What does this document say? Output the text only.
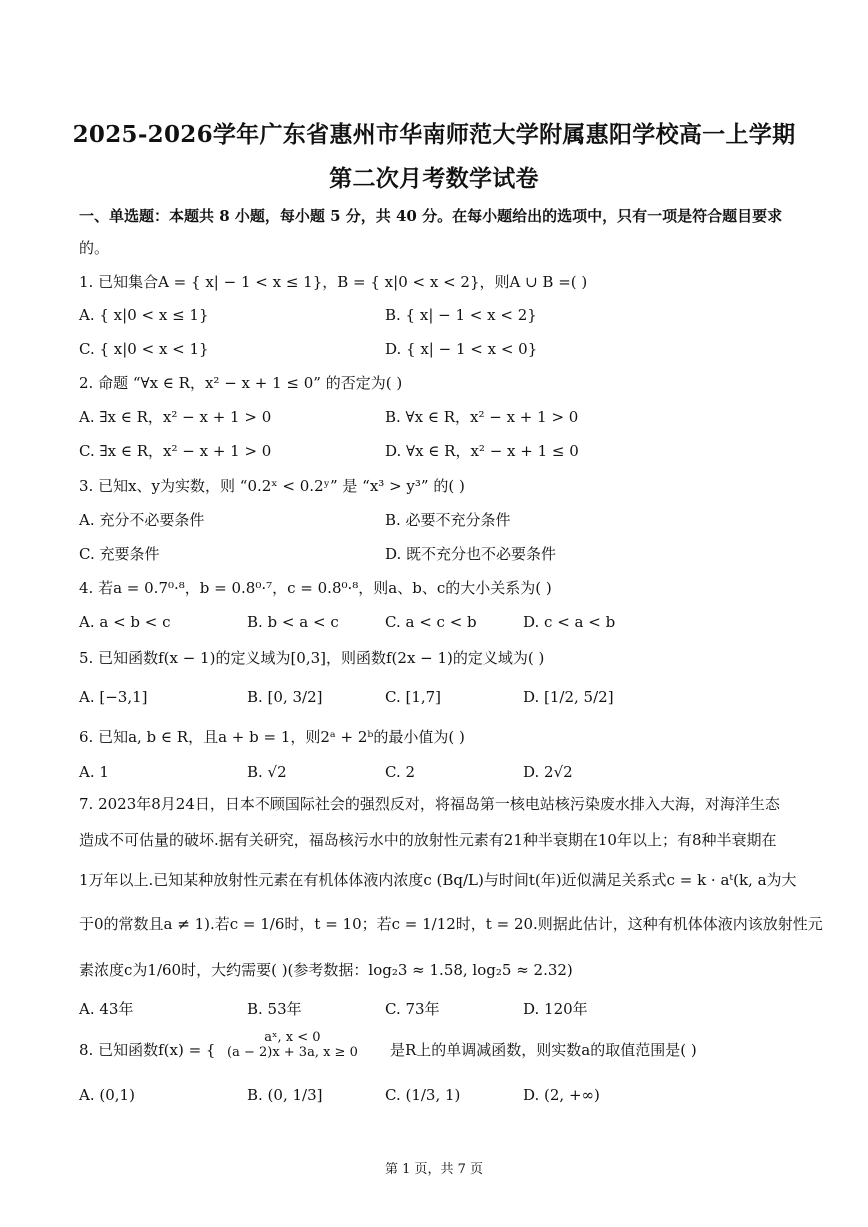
2025-2026学年广东省惠州市华南师范大学附属惠阳学校高一上学期
第二次月考数学试卷
一、单选题：本题共 8 小题，每小题 5 分，共 40 分。在每小题给出的选项中，只有一项是符合题目要求
的。
1. 已知集合A = { x| − 1 < x ≤ 1}，B = { x|0 < x < 2}，则A ∪ B =( )
A. { x|0 < x ≤ 1}	B. { x| − 1 < x < 2}
C. { x|0 < x < 1}	D. { x| − 1 < x < 0}
2. 命题 “∀x ∈ R，x² − x + 1 ≤ 0” 的否定为( )
A. ∃x ∈ R，x² − x + 1 > 0	B. ∀x ∈ R，x² − x + 1 > 0
C. ∃x ∈ R，x² − x + 1 > 0	D. ∀x ∈ R，x² − x + 1 ≤ 0
3. 已知x、y为实数，则 “0.2ˣ < 0.2ʸ” 是 “x³ > y³” 的( )
A. 充分不必要条件	B. 必要不充分条件
C. 充要条件	D. 既不充分也不必要条件
4. 若a = 0.7⁰·⁸，b = 0.8⁰·⁷，c = 0.8⁰·⁸，则a、b、c的大小关系为( )
A. a < b < c	B. b < a < c	C. a < c < b	D. c < a < b
5. 已知函数f(x − 1)的定义域为[0,3]，则函数f(2x − 1)的定义域为( )
A. [−3,1]	B. [0, 3/2]	C. [1,7]	D. [1/2, 5/2]
6. 已知a, b ∈ R，且a + b = 1，则2ᵃ + 2ᵇ的最小值为( )
A. 1	B. √2	C. 2	D. 2√2
7. 2023年8月24日，日本不顾国际社会的强烈反对，将福岛第一核电站核污染废水排入大海，对海洋生态
造成不可估量的破坏.据有关研究，福岛核污水中的放射性元素有21种半衰期在10年以上；有8种半衰期在
1万年以上.已知某种放射性元素在有机体体液内浓度c (Bq/L)与时间t(年)近似满足关系式c = k · aᵗ(k, a为大
于0的常数且a ≠ 1).若c = 1/6时，t = 10；若c = 1/12时，t = 20.则据此估计，这种有机体体液内该放射性元
素浓度c为1/60时，大约需要( )(参考数据：log₂3 ≈ 1.58, log₂5 ≈ 2.32)
A. 43年	B. 53年	C. 73年	D. 120年
8. 已知函数f(x) = {
aˣ, x < 0
(a − 2)x + 3a, x ≥ 0 是R上的单调减函数，则实数a的取值范围是( )
A. (0,1)	B. (0, 1/3]	C. (1/3, 1)	D. (2, +∞)
第 1 页，共 7 页
